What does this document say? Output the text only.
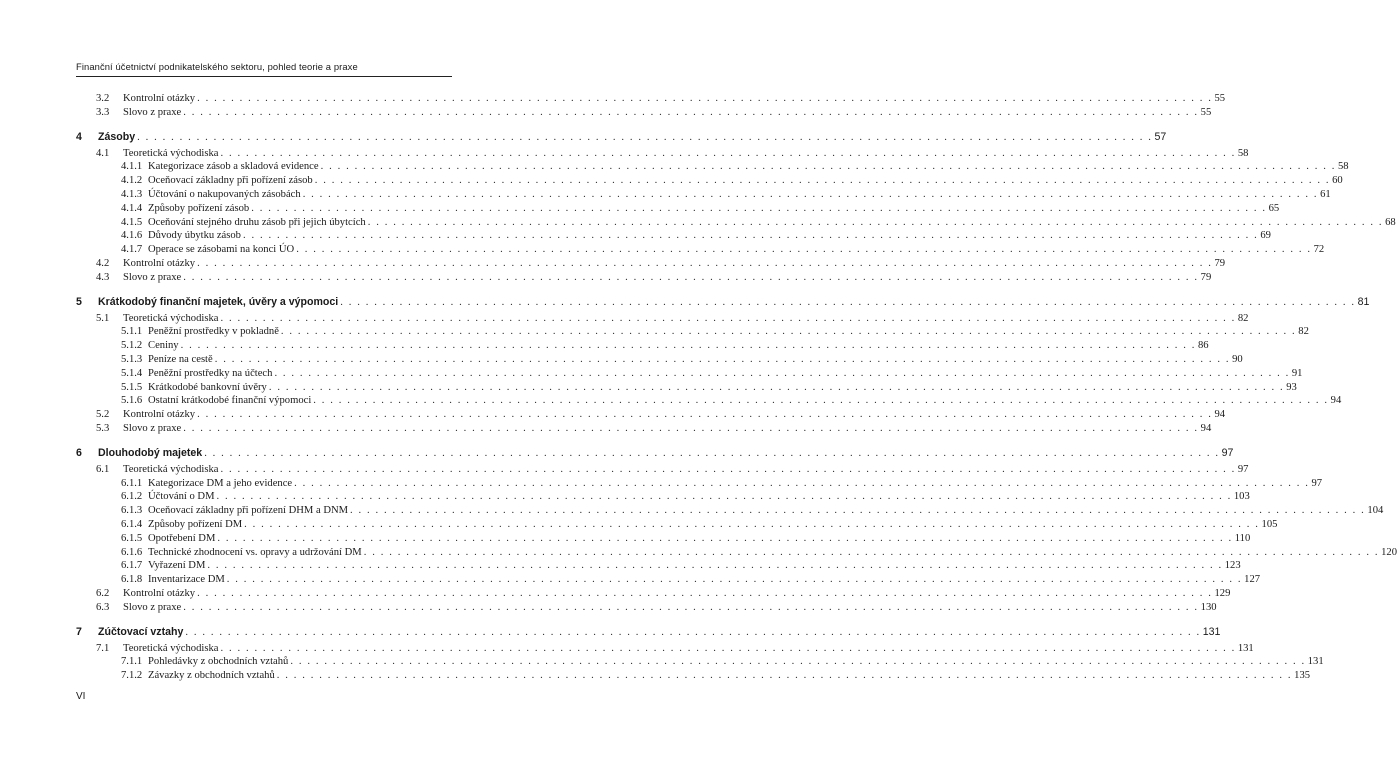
Finanční účetnictví podnikatelského sektoru, pohled teorie a praxe
3.2	Kontrolní otázky . . . . . . . . . . . . . . . . . . . . . . . . . . . . . . . . . . . . . . . . . . . . . . . . . . . . . . . . . . . . . . . . . . . . . . . . . . . . . . . . . . . . . . . . . . . . . . . . . . . . . . . . . . . . . . . . . . . . . . . . 55
3.3	Slovo z praxe . . . . . . . . . . . . . . . . . . . . . . . . . . . . . . . . . . . . . . . . . . . . . . . . . . . . . . . . . . . . . . . . . . . . . . . . . . . . . . . . . . . . . . . . . . . . . . . . . . . . . . . . . . . . . . . . . . . . . . . . 55
4	Zásoby . . . . . . . . . . . . . . . . . . . . . . . . . . . . . . . . . . . . . . . . . . . . . . . . . . . . . . . . . . . . . . . . . . . . . . . . . . . . . . . . . . . . . . . . . . . . . . . . . . . . . . . . . . . . . . . . . . . . . . . . 57
4.1	Teoretická východiska . . . . . . . . . . . . . . . . . . . . . . . . . . . . . . . . . . . . . . . . . . . . . . . . . . . . . . . . . . . . . . . . . . . . . . . . . . . . . . . . . . . . . . . . . . . . . . . . . . . . . . . . . . . . . . . . . . . . . . . . 58
4.1.1 Kategorizace zásob a skladová evidence . . . . . . . . . . . . . . . . . . . . . . . . . . . . . . . . . . . . . . . . . . . . . . . . . . . . . . . . . . . . . . . . . . . . . . . . . . . . . . . . . . . . . . . . . . . . . . . . . . . . . . . . . . . . . . . . . . . . . . . . 58
4.1.2 Oceňovací základny při pořízení zásob . . . . . . . . . . . . . . . . . . . . . . . . . . . . . . . . . . . . . . . . . . . . . . . . . . . . . . . . . . . . . . . . . . . . . . . . . . . . . . . . . . . . . . . . . . . . . . . . . . . . . . . . . . . . . . . . . . . . . . . . 60
4.1.3 Účtování o nakupovaných zásobách . . . . . . . . . . . . . . . . . . . . . . . . . . . . . . . . . . . . . . . . . . . . . . . . . . . . . . . . . . . . . . . . . . . . . . . . . . . . . . . . . . . . . . . . . . . . . . . . . . . . . . . . . . . . . . . . . . . . . . . . 61
4.1.4 Způsoby pořízení zásob . . . . . . . . . . . . . . . . . . . . . . . . . . . . . . . . . . . . . . . . . . . . . . . . . . . . . . . . . . . . . . . . . . . . . . . . . . . . . . . . . . . . . . . . . . . . . . . . . . . . . . . . . . . . . . . . . . . . . . . . 65
4.1.5 Oceňování stejného druhu zásob při jejich úbytcích . . . . . . . . . . . . . . . . . . . . . . . . . . . . . . . . . . . . . . . . . . . . . . . . . . . . . . . . . . . . . . . . . . . . . . . . . . . . . . . . . . . . . . . . . . . . . . . . . . . . . . . . . . . . . . . . . . . . . . . . 68
4.1.6 Důvody úbytku zásob . . . . . . . . . . . . . . . . . . . . . . . . . . . . . . . . . . . . . . . . . . . . . . . . . . . . . . . . . . . . . . . . . . . . . . . . . . . . . . . . . . . . . . . . . . . . . . . . . . . . . . . . . . . . . . . . . . . . . . . . 69
4.1.7 Operace se zásobami na konci ÚO . . . . . . . . . . . . . . . . . . . . . . . . . . . . . . . . . . . . . . . . . . . . . . . . . . . . . . . . . . . . . . . . . . . . . . . . . . . . . . . . . . . . . . . . . . . . . . . . . . . . . . . . . . . . . . . . . . . . . . . . 72
4.2	Kontrolní otázky . . . . . . . . . . . . . . . . . . . . . . . . . . . . . . . . . . . . . . . . . . . . . . . . . . . . . . . . . . . . . . . . . . . . . . . . . . . . . . . . . . . . . . . . . . . . . . . . . . . . . . . . . . . . . . . . . . . . . . . . 79
4.3	Slovo z praxe . . . . . . . . . . . . . . . . . . . . . . . . . . . . . . . . . . . . . . . . . . . . . . . . . . . . . . . . . . . . . . . . . . . . . . . . . . . . . . . . . . . . . . . . . . . . . . . . . . . . . . . . . . . . . . . . . . . . . . . . 79
5	Krátkodobý finanční majetek, úvěry a výpomoci . . . . . . . . . . . . . . . . . . . . . . . . . . . . . . . . . . . . . . . . . . . . . . . . . . . . . . . . . . . . . . . . . . . . . . . . . . . . . . . . . . . . . . . . . . . . . . . . . . . . . . . . . . . . . . . . . . . . . . . . 81
5.1	Teoretická východiska . . . . . . . . . . . . . . . . . . . . . . . . . . . . . . . . . . . . . . . . . . . . . . . . . . . . . . . . . . . . . . . . . . . . . . . . . . . . . . . . . . . . . . . . . . . . . . . . . . . . . . . . . . . . . . . . . . . . . . . . 82
5.1.1 Peněžní prostředky v pokladně . . . . . . . . . . . . . . . . . . . . . . . . . . . . . . . . . . . . . . . . . . . . . . . . . . . . . . . . . . . . . . . . . . . . . . . . . . . . . . . . . . . . . . . . . . . . . . . . . . . . . . . . . . . . . . . . . . . . . . . . 82
5.1.2 Ceniny . . . . . . . . . . . . . . . . . . . . . . . . . . . . . . . . . . . . . . . . . . . . . . . . . . . . . . . . . . . . . . . . . . . . . . . . . . . . . . . . . . . . . . . . . . . . . . . . . . . . . . . . . . . . . . . . . . . . . . . . 86
5.1.3 Peníze na cestě . . . . . . . . . . . . . . . . . . . . . . . . . . . . . . . . . . . . . . . . . . . . . . . . . . . . . . . . . . . . . . . . . . . . . . . . . . . . . . . . . . . . . . . . . . . . . . . . . . . . . . . . . . . . . . . . . . . . . . . . 90
5.1.4 Peněžní prostředky na účtech . . . . . . . . . . . . . . . . . . . . . . . . . . . . . . . . . . . . . . . . . . . . . . . . . . . . . . . . . . . . . . . . . . . . . . . . . . . . . . . . . . . . . . . . . . . . . . . . . . . . . . . . . . . . . . . . . . . . . . . . 91
5.1.5 Krátkodobé bankovní úvěry . . . . . . . . . . . . . . . . . . . . . . . . . . . . . . . . . . . . . . . . . . . . . . . . . . . . . . . . . . . . . . . . . . . . . . . . . . . . . . . . . . . . . . . . . . . . . . . . . . . . . . . . . . . . . . . . . . . . . . . . 93
5.1.6 Ostatní krátkodobé finanční výpomoci . . . . . . . . . . . . . . . . . . . . . . . . . . . . . . . . . . . . . . . . . . . . . . . . . . . . . . . . . . . . . . . . . . . . . . . . . . . . . . . . . . . . . . . . . . . . . . . . . . . . . . . . . . . . . . . . . . . . . . . . 94
5.2	Kontrolní otázky . . . . . . . . . . . . . . . . . . . . . . . . . . . . . . . . . . . . . . . . . . . . . . . . . . . . . . . . . . . . . . . . . . . . . . . . . . . . . . . . . . . . . . . . . . . . . . . . . . . . . . . . . . . . . . . . . . . . . . . . 94
5.3	Slovo z praxe . . . . . . . . . . . . . . . . . . . . . . . . . . . . . . . . . . . . . . . . . . . . . . . . . . . . . . . . . . . . . . . . . . . . . . . . . . . . . . . . . . . . . . . . . . . . . . . . . . . . . . . . . . . . . . . . . . . . . . . . 94
6	Dlouhodobý majetek . . . . . . . . . . . . . . . . . . . . . . . . . . . . . . . . . . . . . . . . . . . . . . . . . . . . . . . . . . . . . . . . . . . . . . . . . . . . . . . . . . . . . . . . . . . . . . . . . . . . . . . . . . . . . . . . . . . . . . . . 97
6.1	Teoretická východiska . . . . . . . . . . . . . . . . . . . . . . . . . . . . . . . . . . . . . . . . . . . . . . . . . . . . . . . . . . . . . . . . . . . . . . . . . . . . . . . . . . . . . . . . . . . . . . . . . . . . . . . . . . . . . . . . . . . . . . . . 97
6.1.1 Kategorizace DM a jeho evidence . . . . . . . . . . . . . . . . . . . . . . . . . . . . . . . . . . . . . . . . . . . . . . . . . . . . . . . . . . . . . . . . . . . . . . . . . . . . . . . . . . . . . . . . . . . . . . . . . . . . . . . . . . . . . . . . . . . . . . . . 97
6.1.2 Účtování o DM . . . . . . . . . . . . . . . . . . . . . . . . . . . . . . . . . . . . . . . . . . . . . . . . . . . . . . . . . . . . . . . . . . . . . . . . . . . . . . . . . . . . . . . . . . . . . . . . . . . . . . . . . . . . . . . . . . . . . . . . 103
6.1.3 Oceňovací základny při pořízení DHM a DNM . . . . . . . . . . . . . . . . . . . . . . . . . . . . . . . . . . . . . . . . . . . . . . . . . . . . . . . . . . . . . . . . . . . . . . . . . . . . . . . . . . . . . . . . . . . . . . . . . . . . . . . . . . . . . . . . . . . . . . . . 104
6.1.4 Způsoby pořízení DM . . . . . . . . . . . . . . . . . . . . . . . . . . . . . . . . . . . . . . . . . . . . . . . . . . . . . . . . . . . . . . . . . . . . . . . . . . . . . . . . . . . . . . . . . . . . . . . . . . . . . . . . . . . . . . . . . . . . . . . . 105
6.1.5 Opotřebení DM . . . . . . . . . . . . . . . . . . . . . . . . . . . . . . . . . . . . . . . . . . . . . . . . . . . . . . . . . . . . . . . . . . . . . . . . . . . . . . . . . . . . . . . . . . . . . . . . . . . . . . . . . . . . . . . . . . . . . . . . 110
6.1.6 Technické zhodnocení vs. opravy a udržování DM . . . . . . . . . . . . . . . . . . . . . . . . . . . . . . . . . . . . . . . . . . . . . . . . . . . . . . . . . . . . . . . . . . . . . . . . . . . . . . . . . . . . . . . . . . . . . . . . . . . . . . . . . . . . . . . . . . . . . . . . 120
6.1.7 Vyřazení DM . . . . . . . . . . . . . . . . . . . . . . . . . . . . . . . . . . . . . . . . . . . . . . . . . . . . . . . . . . . . . . . . . . . . . . . . . . . . . . . . . . . . . . . . . . . . . . . . . . . . . . . . . . . . . . . . . . . . . . . . 123
6.1.8 Inventarizace DM . . . . . . . . . . . . . . . . . . . . . . . . . . . . . . . . . . . . . . . . . . . . . . . . . . . . . . . . . . . . . . . . . . . . . . . . . . . . . . . . . . . . . . . . . . . . . . . . . . . . . . . . . . . . . . . . . . . . . . . . 127
6.2	Kontrolní otázky . . . . . . . . . . . . . . . . . . . . . . . . . . . . . . . . . . . . . . . . . . . . . . . . . . . . . . . . . . . . . . . . . . . . . . . . . . . . . . . . . . . . . . . . . . . . . . . . . . . . . . . . . . . . . . . . . . . . . . . . 129
6.3	Slovo z praxe . . . . . . . . . . . . . . . . . . . . . . . . . . . . . . . . . . . . . . . . . . . . . . . . . . . . . . . . . . . . . . . . . . . . . . . . . . . . . . . . . . . . . . . . . . . . . . . . . . . . . . . . . . . . . . . . . . . . . . . . 130
7	Zúčtovací vztahy . . . . . . . . . . . . . . . . . . . . . . . . . . . . . . . . . . . . . . . . . . . . . . . . . . . . . . . . . . . . . . . . . . . . . . . . . . . . . . . . . . . . . . . . . . . . . . . . . . . . . . . . . . . . . . . . . . . . . . . . 131
7.1	Teoretická východiska . . . . . . . . . . . . . . . . . . . . . . . . . . . . . . . . . . . . . . . . . . . . . . . . . . . . . . . . . . . . . . . . . . . . . . . . . . . . . . . . . . . . . . . . . . . . . . . . . . . . . . . . . . . . . . . . . . . . . . . . 131
7.1.1 Pohledávky z obchodních vztahů . . . . . . . . . . . . . . . . . . . . . . . . . . . . . . . . . . . . . . . . . . . . . . . . . . . . . . . . . . . . . . . . . . . . . . . . . . . . . . . . . . . . . . . . . . . . . . . . . . . . . . . . . . . . . . . . . . . . . . . . 131
7.1.2 Závazky z obchodních vztahů . . . . . . . . . . . . . . . . . . . . . . . . . . . . . . . . . . . . . . . . . . . . . . . . . . . . . . . . . . . . . . . . . . . . . . . . . . . . . . . . . . . . . . . . . . . . . . . . . . . . . . . . . . . . . . . . . . . . . . . . 135
VI
